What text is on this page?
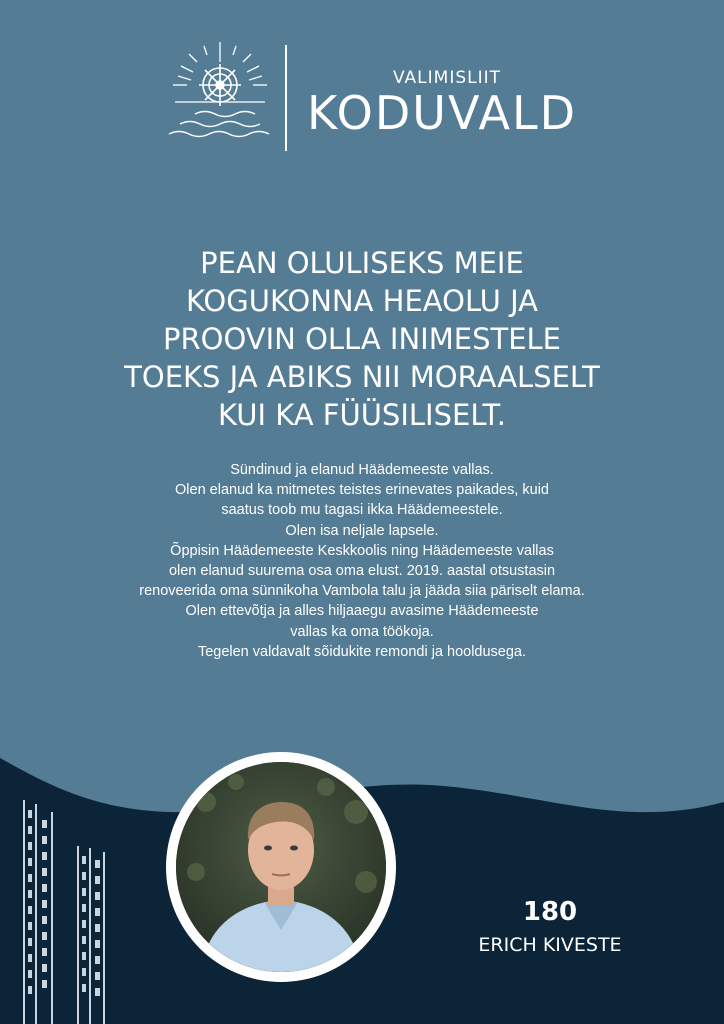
VALIMISLIIT
KODUVALD
PEAN OLULISEKS MEIE
KOGUKONNA HEAOLU JA
PROOVIN OLLA INIMESTELE
TOEKS JA ABIKS NII MORAALSELT
KUI KA FÜÜSILISELT.
Sündinud ja elanud Häädemeeste vallas.
Olen elanud ka mitmetes teistes erinevates paikades, kuid
saatus toob mu tagasi ikka Häädemeestele.
Olen isa neljale lapsele.
Õppisin Häädemeeste Keskkoolis ning Häädemeeste vallas
olen elanud suurema osa oma elust. 2019. aastal otsustasin
renoveerida oma sünnikoha Vambola talu ja jääda siia päriselt elama.
Olen ettevõtja ja alles hiljaaegu avasime Häädemeeste
vallas ka oma töökoja.
Tegelen valdavalt sõidukite remondi ja hooldusega.
180
ERICH KIVESTE
